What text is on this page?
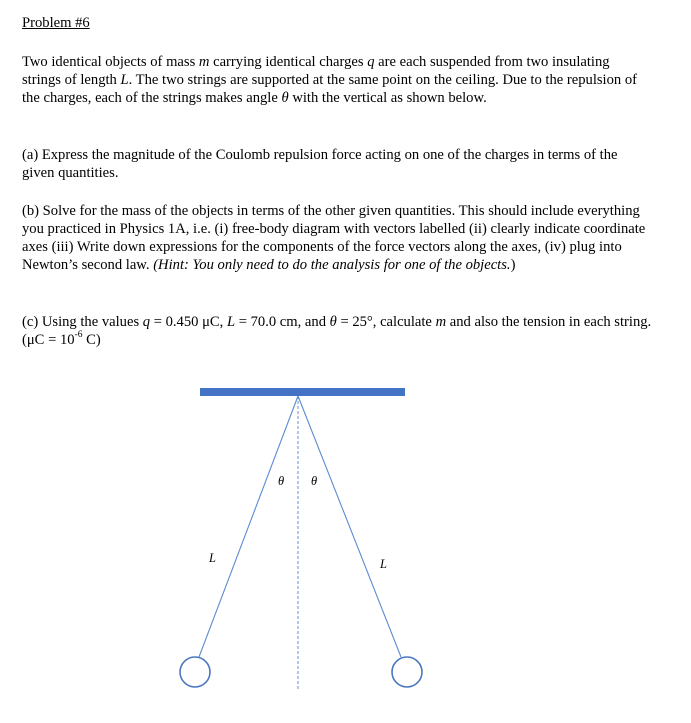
Problem #6

Two identical objects of mass m carrying identical charges q are each suspended from two insulating strings of length L. The two strings are supported at the same point on the ceiling. Due to the repulsion of the charges, each of the strings makes angle θ with the vertical as shown below.

(a) Express the magnitude of the Coulomb repulsion force acting on one of the charges in terms of the given quantities.

(b) Solve for the mass of the objects in terms of the other given quantities. This should include everything you practiced in Physics 1A, i.e. (i) free-body diagram with vectors labelled (ii) clearly indicate coordinate axes (iii) Write down expressions for the components of the force vectors along the axes, (iv) plug into Newton’s second law. (Hint: You only need to do the analysis for one of the objects.)

(c) Using the values q = 0.450 μC, L = 70.0 cm, and θ = 25°, calculate m and also the tension in each string. ($\mu C = 10^{-6}$ C)

θ θ
L	L
